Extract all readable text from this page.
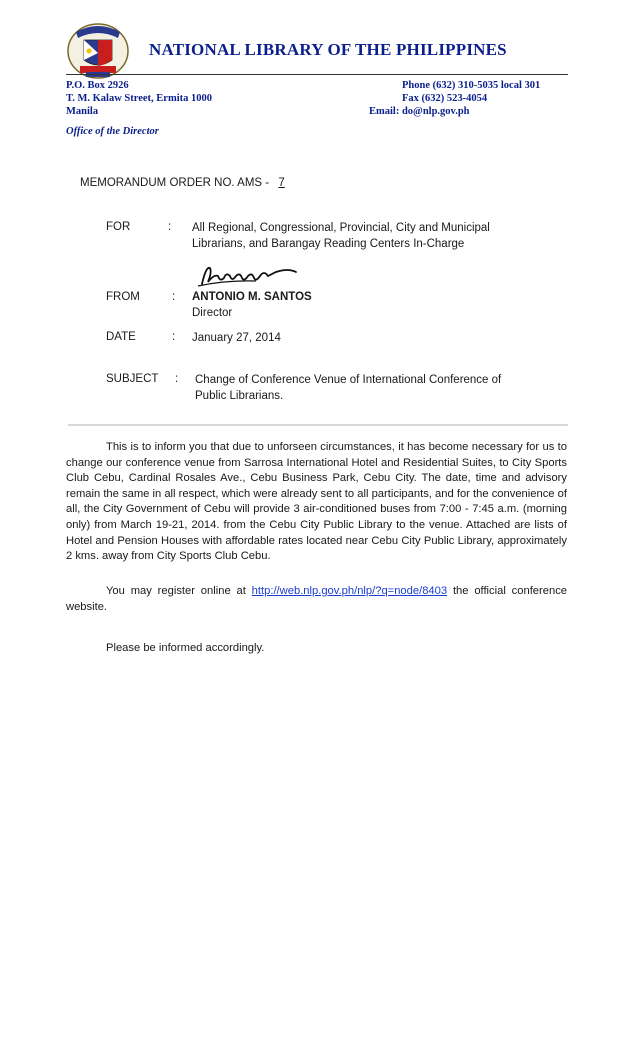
NATIONAL LIBRARY OF THE PHILIPPINES
P.O. Box 2926
T. M. Kalaw Street, Ermita 1000
Manila
Phone (632) 310-5035 local 301
Fax (632) 523-4054
Email: do@nlp.gov.ph
Office of the Director
MEMORANDUM ORDER NO. AMS - 7
FOR	: All Regional, Congressional, Provincial, City and Municipal
Librarians, and Barangay Reading Centers In-Charge
FROM	: ANTONIO M. SANTOS
Director
DATE	: January 27, 2014
SUBJECT : Change of Conference Venue of International Conference of
Public Librarians.

This is to inform you that due to unforseen circumstances, it has become necessary for us to change our conference venue from Sarrosa International Hotel and Residential Suites, to City Sports Club Cebu, Cardinal Rosales Ave., Cebu Business Park, Cebu City. The date, time and advisory remain the same in all respect, which were already sent to all participants, and for the convenience of all, the City Government of Cebu will provide 3 air-conditioned buses from 7:00 - 7:45 a.m. (morning only) from March 19-21, 2014. from the Cebu City Public Library to the venue. Attached are lists of Hotel and Pension Houses with affordable rates located near Cebu City Public Library, approximately 2 kms. away from City Sports Club Cebu.

You may register online at http://web.nlp.gov.ph/nlp/?q=node/8403 the official conference website.

Please be informed accordingly.
